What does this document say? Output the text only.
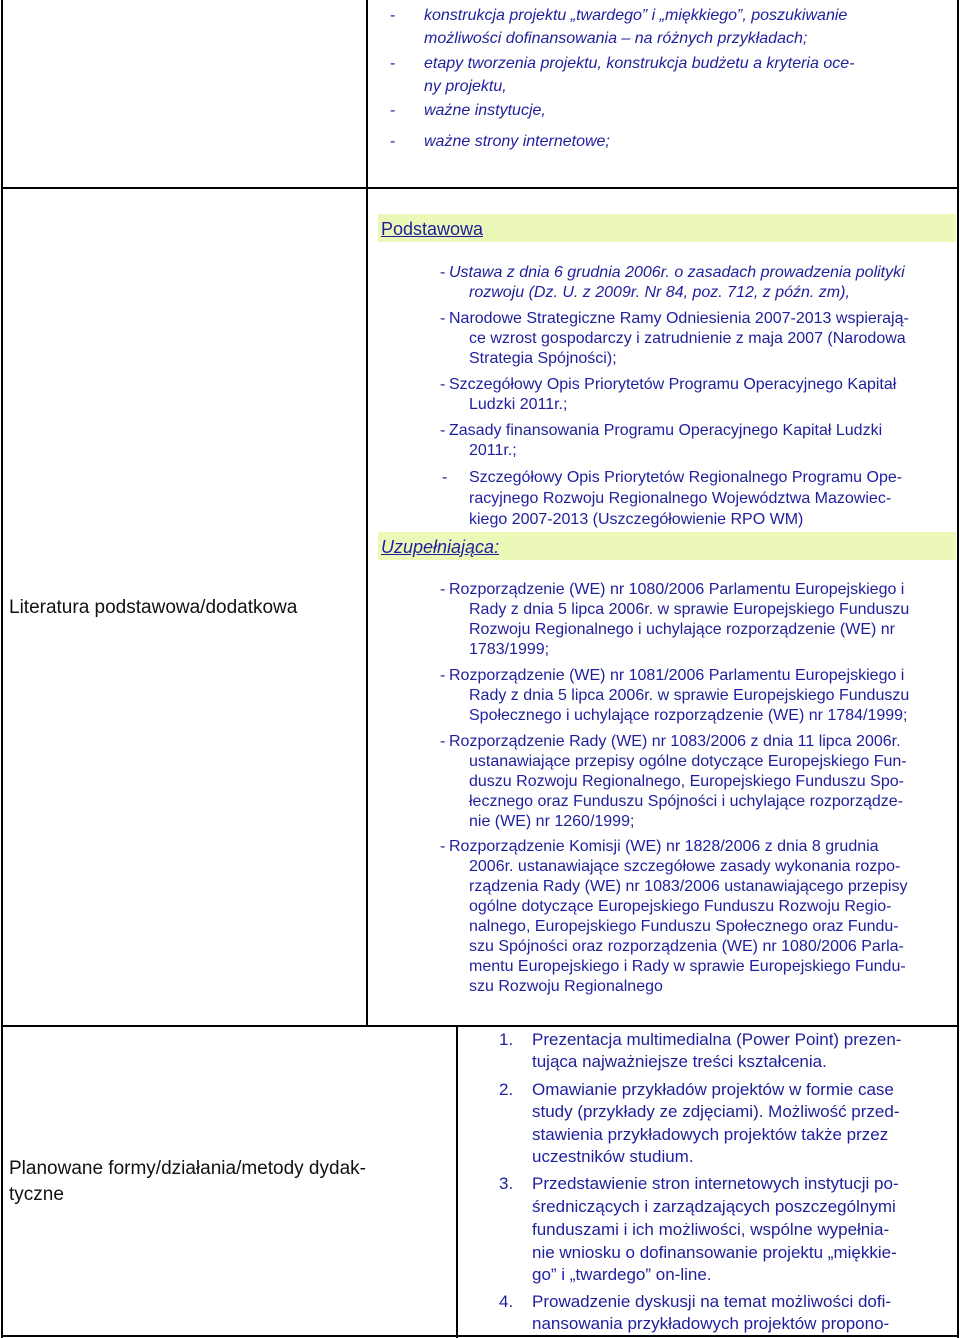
- konstrukcja projektu „twardego” i „miękkiego”, poszukiwanie
możliwości dofinansowania – na różnych przykładach;
- etapy tworzenia projektu, konstrukcja budżetu a kryteria oce-
ny projektu,
- ważne instytucje,
- ważne strony internetowe;
Literatura podstawowa/dodatkowa
Podstawowa
- Ustawa z dnia 6 grudnia 2006r. o zasadach prowadzenia polityki
rozwoju (Dz. U. z 2009r. Nr 84, poz. 712, z późn. zm),
- Narodowe Strategiczne Ramy Odniesienia 2007-2013 wspierają-
ce wzrost gospodarczy i zatrudnienie z maja 2007 (Narodowa
Strategia Spójności);
- Szczegółowy Opis Priorytetów Programu Operacyjnego Kapitał
Ludzki 2011r.;
- Zasady finansowania Programu Operacyjnego Kapitał Ludzki
2011r.;
- Szczegółowy Opis Priorytetów Regionalnego Programu Ope-
racyjnego Rozwoju Regionalnego Województwa Mazowiec-
kiego 2007-2013 (Uszczegółowienie RPO WM)
Uzupełniająca:
- Rozporządzenie (WE) nr 1080/2006 Parlamentu Europejskiego i
Rady z dnia 5 lipca 2006r. w sprawie Europejskiego Funduszu
Rozwoju Regionalnego i uchylające rozporządzenie (WE) nr
1783/1999;
- Rozporządzenie (WE) nr 1081/2006 Parlamentu Europejskiego i
Rady z dnia 5 lipca 2006r. w sprawie Europejskiego Funduszu
Społecznego i uchylające rozporządzenie (WE) nr 1784/1999;
- Rozporządzenie Rady (WE) nr 1083/2006 z dnia 11 lipca 2006r.
ustanawiające przepisy ogólne dotyczące Europejskiego Fun-
duszu Rozwoju Regionalnego, Europejskiego Funduszu Spo-
łecznego oraz Funduszu Spójności i uchylające rozporządze-
nie (WE) nr 1260/1999;
- Rozporządzenie Komisji (WE) nr 1828/2006 z dnia 8 grudnia
2006r. ustanawiające szczegółowe zasady wykonania rozpo-
rządzenia Rady (WE) nr 1083/2006 ustanawiającego przepisy
ogólne dotyczące Europejskiego Funduszu Rozwoju Regio-
nalnego, Europejskiego Funduszu Społecznego oraz Fundu-
szu Spójności oraz rozporządzenia (WE) nr 1080/2006 Parla-
mentu Europejskiego i Rady w sprawie Europejskiego Fundu-
szu Rozwoju Regionalnego
Planowane formy/działania/metody dydak-
tyczne
1. Prezentacja multimedialna (Power Point) prezen-
tująca najważniejsze treści kształcenia.
2. Omawianie przykładów projektów w formie case
study (przykłady ze zdjęciami). Możliwość przed-
stawienia przykładowych projektów także przez
uczestników studium.
3. Przedstawienie stron internetowych instytucji po-
średniczących i zarządzających poszczególnymi
funduszami i ich możliwości, wspólne wypełnia-
nie wniosku o dofinansowanie projektu „miękkie-
go” i „twardego” on-line.
4. Prowadzenie dyskusji na temat możliwości dofi-
nansowania przykładowych projektów propono-
